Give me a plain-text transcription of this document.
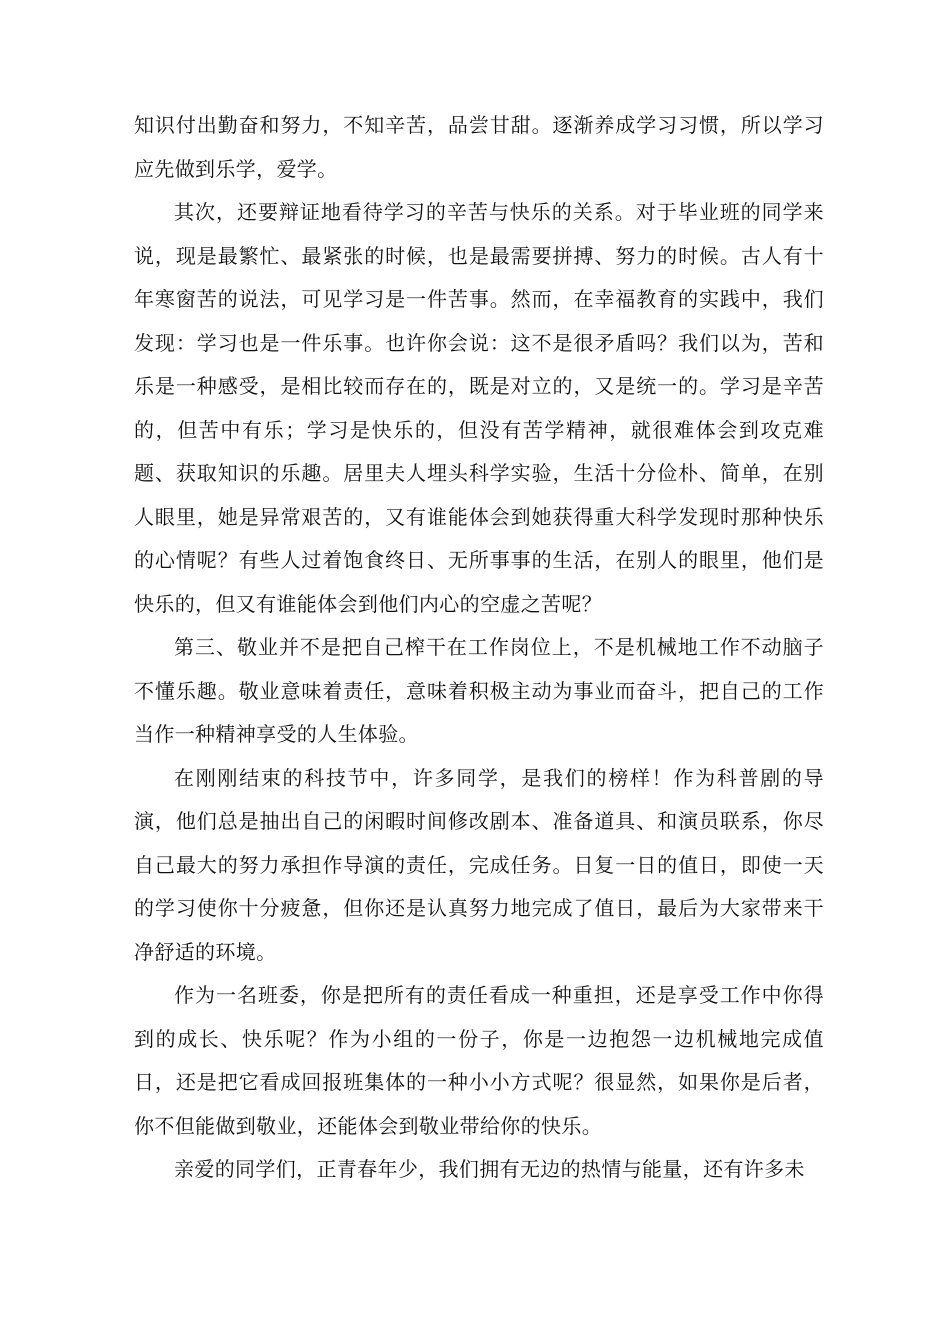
知识付出勤奋和努力，不知辛苦，品尝甘甜。逐渐养成学习习惯，所以学习应先做到乐学，爱学。

其次，还要辩证地看待学习的辛苦与快乐的关系。对于毕业班的同学来说，现是最繁忙、最紧张的时候，也是最需要拼搏、努力的时候。古人有十年寒窗苦的说法，可见学习是一件苦事。然而，在幸福教育的实践中，我们发现：学习也是一件乐事。也许你会说：这不是很矛盾吗？我们以为，苦和乐是一种感受，是相比较而存在的，既是对立的，又是统一的。学习是辛苦的，但苦中有乐；学习是快乐的，但没有苦学精神，就很难体会到攻克难题、获取知识的乐趣。居里夫人埋头科学实验，生活十分俭朴、简单，在别人眼里，她是异常艰苦的，又有谁能体会到她获得重大科学发现时那种快乐的心情呢？有些人过着饱食终日、无所事事的生活，在别人的眼里，他们是快乐的，但又有谁能体会到他们内心的空虚之苦呢？

第三、敬业并不是把自己榨干在工作岗位上，不是机械地工作不动脑子不懂乐趣。敬业意味着责任，意味着积极主动为事业而奋斗，把自己的工作当作一种精神享受的人生体验。

在刚刚结束的科技节中，许多同学，是我们的榜样！作为科普剧的导演，他们总是抽出自己的闲暇时间修改剧本、准备道具、和演员联系，你尽自己最大的努力承担作导演的责任，完成任务。日复一日的值日，即使一天的学习使你十分疲惫，但你还是认真努力地完成了值日，最后为大家带来干净舒适的环境。

作为一名班委，你是把所有的责任看成一种重担，还是享受工作中你得到的成长、快乐呢？作为小组的一份子，你是一边抱怨一边机械地完成值日，还是把它看成回报班集体的一种小小方式呢？很显然，如果你是后者，你不但能做到敬业，还能体会到敬业带给你的快乐。

亲爱的同学们，正青春年少，我们拥有无边的热情与能量，还有许多未
